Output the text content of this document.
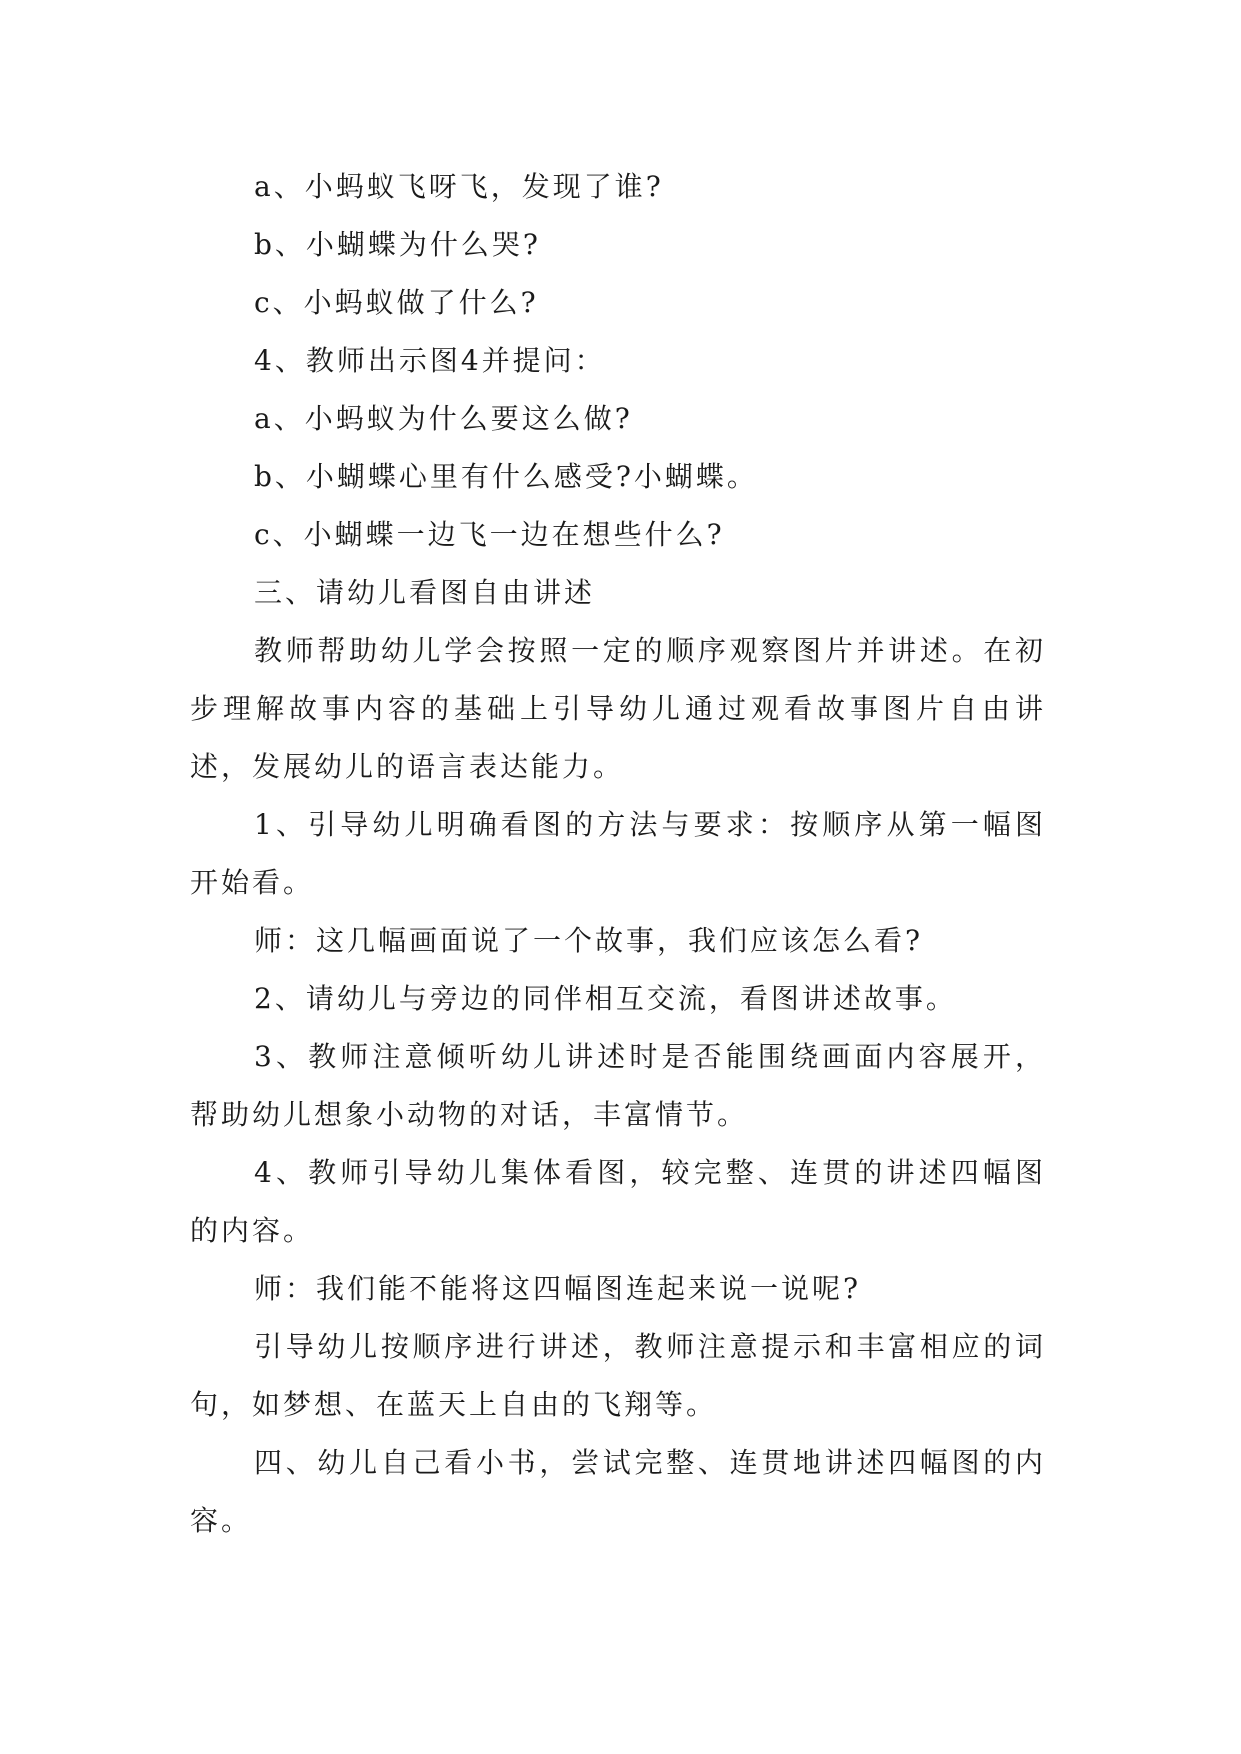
a、小蚂蚁飞呀飞，发现了谁?

b、小蝴蝶为什么哭?

c、小蚂蚁做了什么?

4、教师出示图4并提问：

a、小蚂蚁为什么要这么做?

b、小蝴蝶心里有什么感受?小蝴蝶。

c、小蝴蝶一边飞一边在想些什么?

三、请幼儿看图自由讲述

教师帮助幼儿学会按照一定的顺序观察图片并讲述。在初步理解故事内容的基础上引导幼儿通过观看故事图片自由讲述，发展幼儿的语言表达能力。

1、引导幼儿明确看图的方法与要求：按顺序从第一幅图开始看。

师：这几幅画面说了一个故事，我们应该怎么看?

2、请幼儿与旁边的同伴相互交流，看图讲述故事。

3、教师注意倾听幼儿讲述时是否能围绕画面内容展开，帮助幼儿想象小动物的对话，丰富情节。

4、教师引导幼儿集体看图，较完整、连贯的讲述四幅图的内容。

师：我们能不能将这四幅图连起来说一说呢?

引导幼儿按顺序进行讲述，教师注意提示和丰富相应的词句，如梦想、在蓝天上自由的飞翔等。

四、幼儿自己看小书，尝试完整、连贯地讲述四幅图的内容。
